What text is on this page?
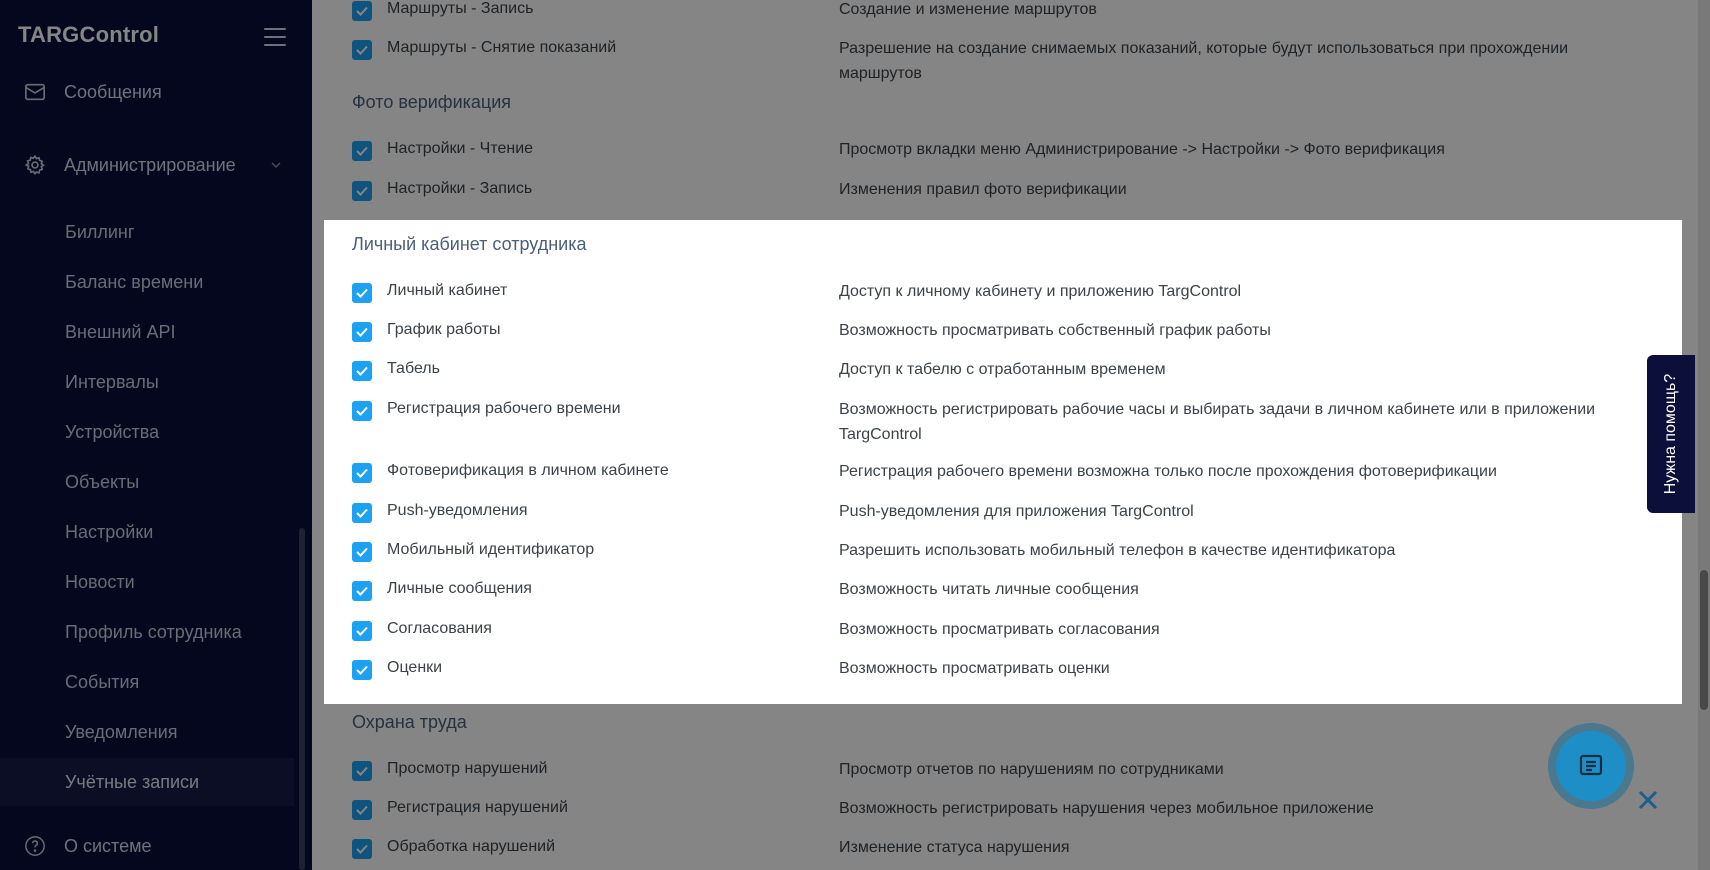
TARGControl
Сообщения
Администрирование
Биллинг
Баланс времени
Внешний API
Интервалы
Устройства
Объекты
Настройки
Новости
Профиль сотрудника
События
Уведомления
Учётные записи
О системе
Маршруты - Запись	Создание и изменение маршрутов
Маршруты - Снятие показаний	Разрешение на создание снимаемых показаний, которые будут использоваться при прохождении маршрутов
Фото верификация
Настройки - Чтение	Просмотр вкладки меню Администрирование -> Настройки -> Фото верификация
Настройки - Запись	Изменения правил фото верификации
Личный кабинет сотрудника
Личный кабинет	Доступ к личному кабинету и приложению TargControl
График работы	Возможность просматривать собственный график работы
Табель	Доступ к табелю с отработанным временем
Регистрация рабочего времени	Возможность регистрировать рабочие часы и выбирать задачи в личном кабинете или в приложении TargControl
Фотоверификация в личном кабинете	Регистрация рабочего времени возможна только после прохождения фотоверификации
Push-уведомления	Push-уведомления для приложения TargControl
Мобильный идентификатор	Разрешить использовать мобильный телефон в качестве идентификатора
Личные сообщения	Возможность читать личные сообщения
Согласования	Возможность просматривать согласования
Оценки	Возможность просматривать оценки
Охрана труда
Просмотр нарушений	Просмотр отчетов по нарушениям по сотрудниками
Регистрация нарушений	Возможность регистрировать нарушения через мобильное приложение
Обработка нарушений	Изменение статуса нарушения
Нужна помощь?
